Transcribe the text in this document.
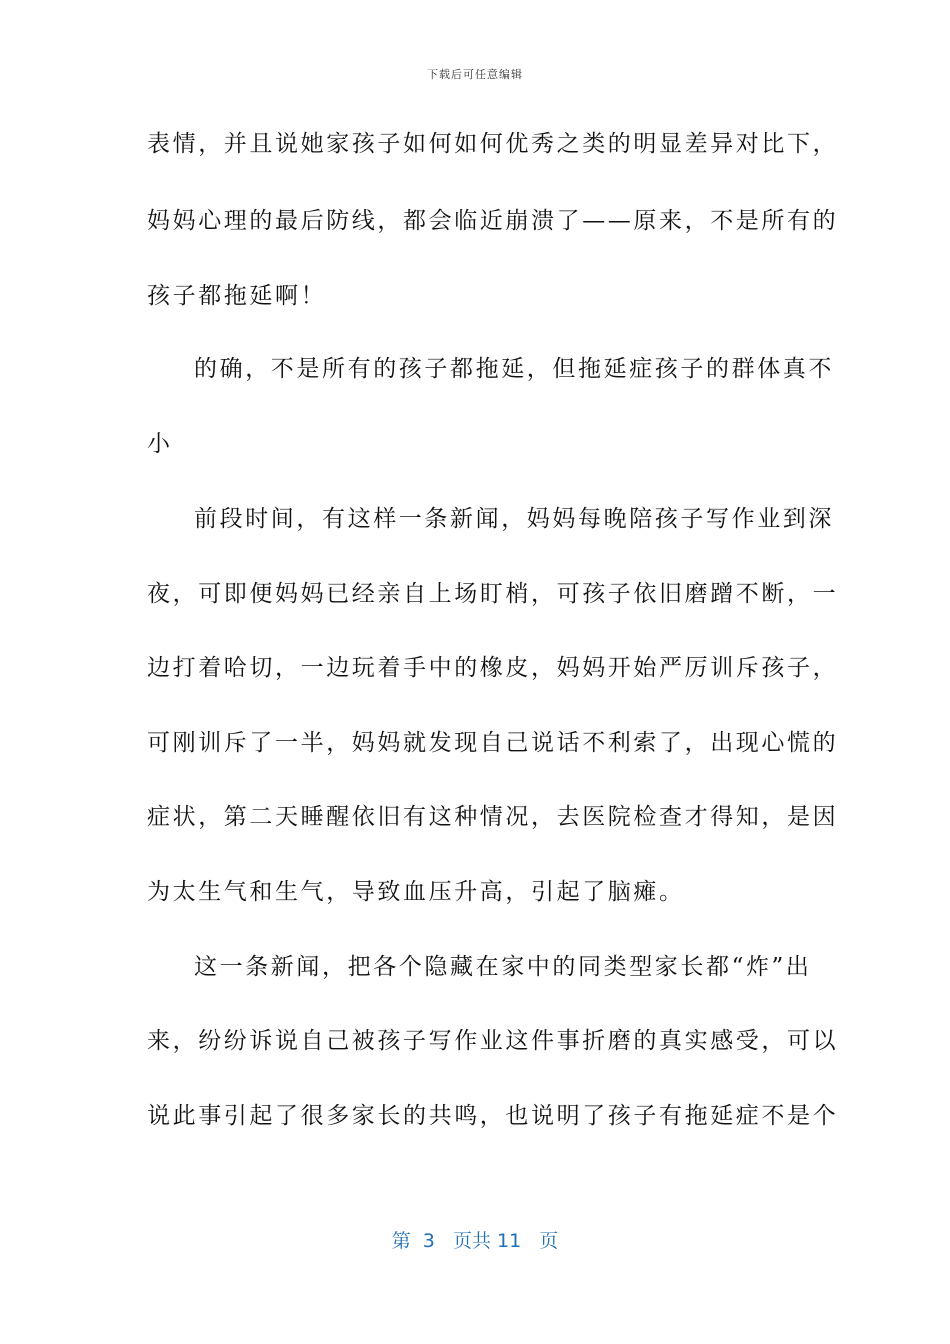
下载后可任意编辑
表情，并且说她家孩子如何如何优秀之类的明显差异对比下，
妈妈心理的最后防线，都会临近崩溃了——原来，不是所有的
孩子都拖延啊！
的确，不是所有的孩子都拖延，但拖延症孩子的群体真不
小
前段时间，有这样一条新闻，妈妈每晚陪孩子写作业到深
夜，可即便妈妈已经亲自上场盯梢，可孩子依旧磨蹭不断，一
边打着哈切，一边玩着手中的橡皮，妈妈开始严厉训斥孩子，
可刚训斥了一半，妈妈就发现自己说话不利索了，出现心慌的
症状，第二天睡醒依旧有这种情况，去医院检查才得知，是因
为太生气和生气，导致血压升高，引起了脑瘫。
这一条新闻，把各个隐藏在家中的同类型家长都“炸”出
来，纷纷诉说自己被孩子写作业这件事折磨的真实感受，可以
说此事引起了很多家长的共鸣，也说明了孩子有拖延症不是个
第  3   页共 11   页
